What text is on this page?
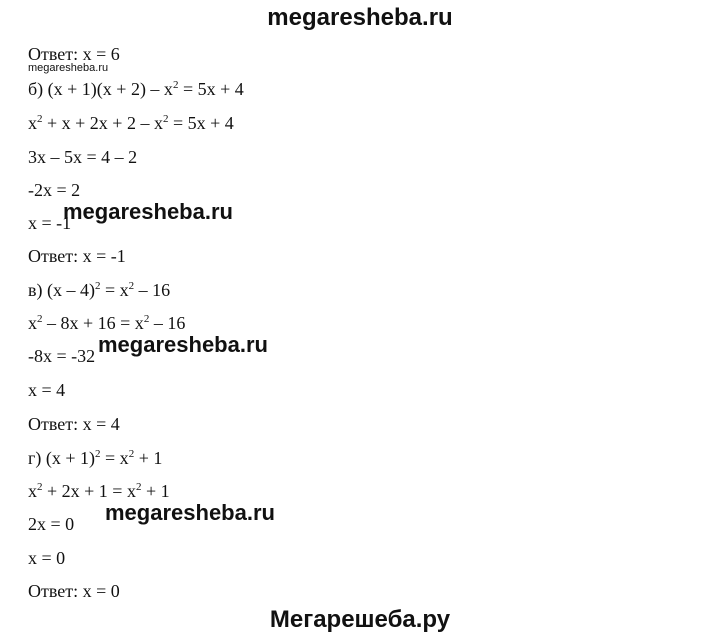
megaresheba.ru
Ответ: x = 6
megaresheba.ru
б) $(x + 1)(x + 2) - x^2 = 5x + 4$
$x^2 + x + 2x + 2 - x^2 = 5x + 4$
3x – 5x = 4 – 2
-2x = 2
x = -1
megaresheba.ru
Ответ: x = -1
в) $(x - 4)^2 = x^2 - 16$
$x^2 - 8x + 16 = x^2 - 16$
-8x = -32 megaresheba.ru
x = 4
Ответ: x = 4
г) $(x + 1)^2 = x^2 + 1$
$x^2 + 2x + 1 = x^2 + 1$
2x = 0 megaresheba.ru
x = 0
Ответ: x = 0
Мегарешеба.ру
